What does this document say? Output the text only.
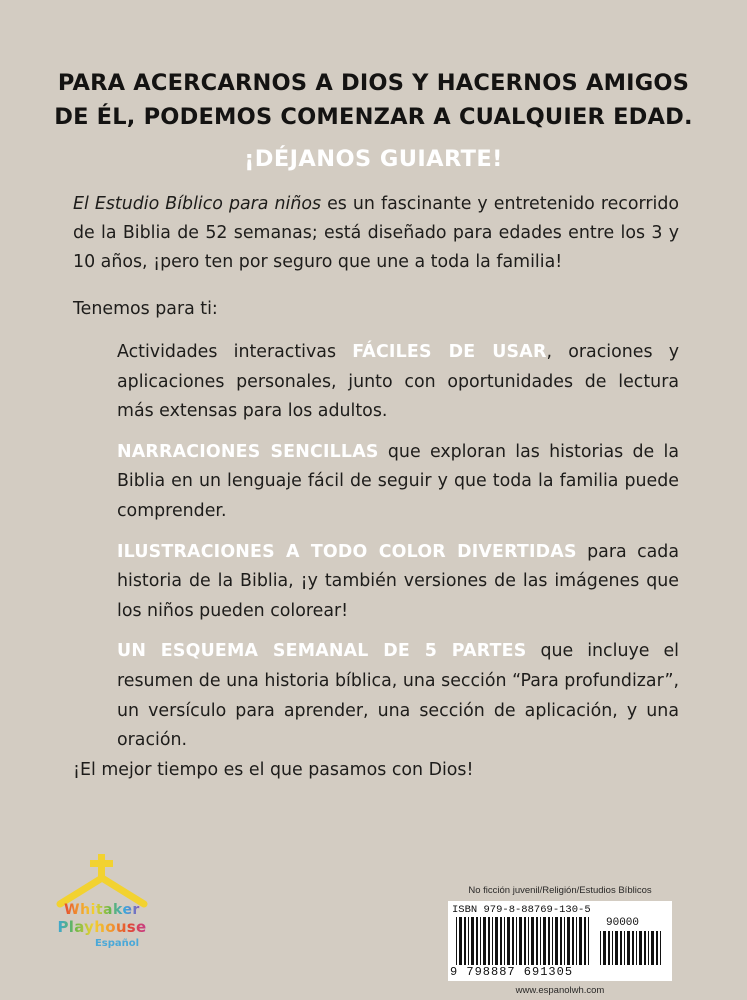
PARA ACERCARNOS A DIOS Y HACERNOS AMIGOS
DE ÉL, PODEMOS COMENZAR A CUALQUIER EDAD.
¡DÉJANOS GUIARTE!
El Estudio Bíblico para niños es un fascinante y entretenido recorrido de la Biblia de 52 semanas; está diseñado para edades entre los 3 y 10 años, ¡pero ten por seguro que une a toda la familia!
Tenemos para ti:
Actividades interactivas FÁCILES DE USAR, oraciones y aplicaciones personales, junto con oportunidades de lectura más extensas para los adultos.
NARRACIONES SENCILLAS que exploran las historias de la Biblia en un lenguaje fácil de seguir y que toda la familia puede comprender.
ILUSTRACIONES A TODO COLOR DIVERTIDAS para cada historia de la Biblia, ¡y también versiones de las imágenes que los niños pueden colorear!
UN ESQUEMA SEMANAL DE 5 PARTES que incluye el resumen de una historia bíblica, una sección “Para profundizar”, un versículo para aprender, una sección de aplicación, y una oración.
¡El mejor tiempo es el que pasamos con Dios!
Whitaker
Playhouse
Español
No ficción juvenil/Religión/Estudios Bíblicos
ISBN 979-8-88769-130-5
90000
9 798887 691305
www.espanolwh.com
